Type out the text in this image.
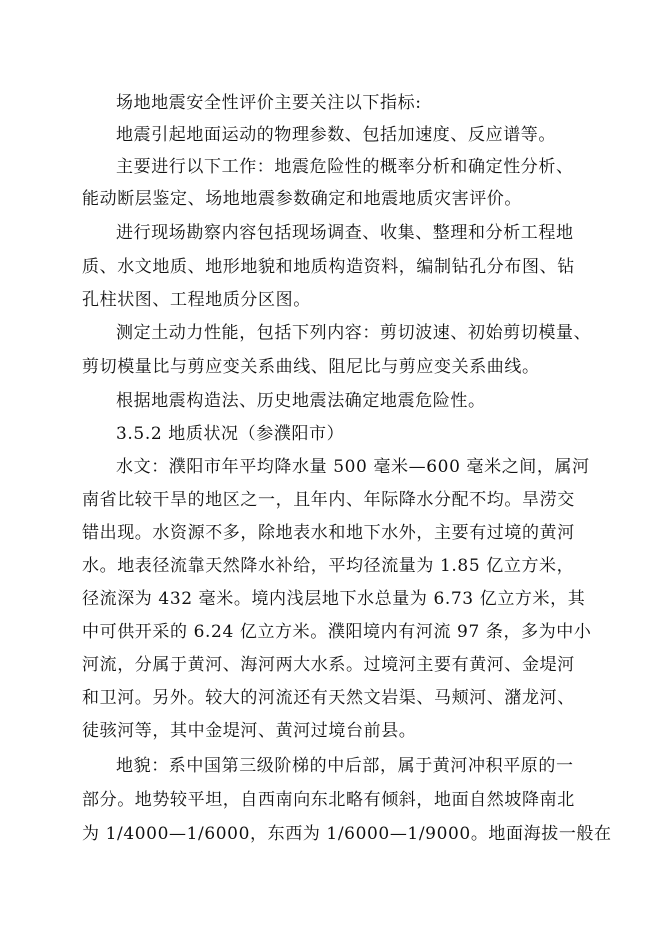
场地地震安全性评价主要关注以下指标:
地震引起地面运动的物理参数、包括加速度、反应谱等。
主要进行以下工作：地震危险性的概率分析和确定性分析、
能动断层鉴定、场地地震参数确定和地震地质灾害评价。
进行现场勘察内容包括现场调查、收集、整理和分析工程地
质、水文地质、地形地貌和地质构造资料，编制钻孔分布图、钻
孔柱状图、工程地质分区图。
测定土动力性能，包括下列内容：剪切波速、初始剪切模量、
剪切模量比与剪应变关系曲线、阻尼比与剪应变关系曲线。
根据地震构造法、历史地震法确定地震危险性。
3.5.2 地质状况（参濮阳市）
水文：濮阳市年平均降水量 500 毫米—600 毫米之间，属河
南省比较干旱的地区之一，且年内、年际降水分配不均。旱涝交
错出现。水资源不多，除地表水和地下水外，主要有过境的黄河
水。地表径流靠天然降水补给，平均径流量为 1.85 亿立方米，
径流深为 432 毫米。境内浅层地下水总量为 6.73 亿立方米，其
中可供开采的 6.24 亿立方米。濮阳境内有河流 97 条，多为中小
河流，分属于黄河、海河两大水系。过境河主要有黄河、金堤河
和卫河。另外。较大的河流还有天然文岩渠、马颊河、潴龙河、
徒骇河等，其中金堤河、黄河过境台前县。
地貌：系中国第三级阶梯的中后部，属于黄河冲积平原的一
部分。地势较平坦，自西南向东北略有倾斜，地面自然坡降南北
为 1/4000—1/6000，东西为 1/6000—1/9000。地面海拔一般在
